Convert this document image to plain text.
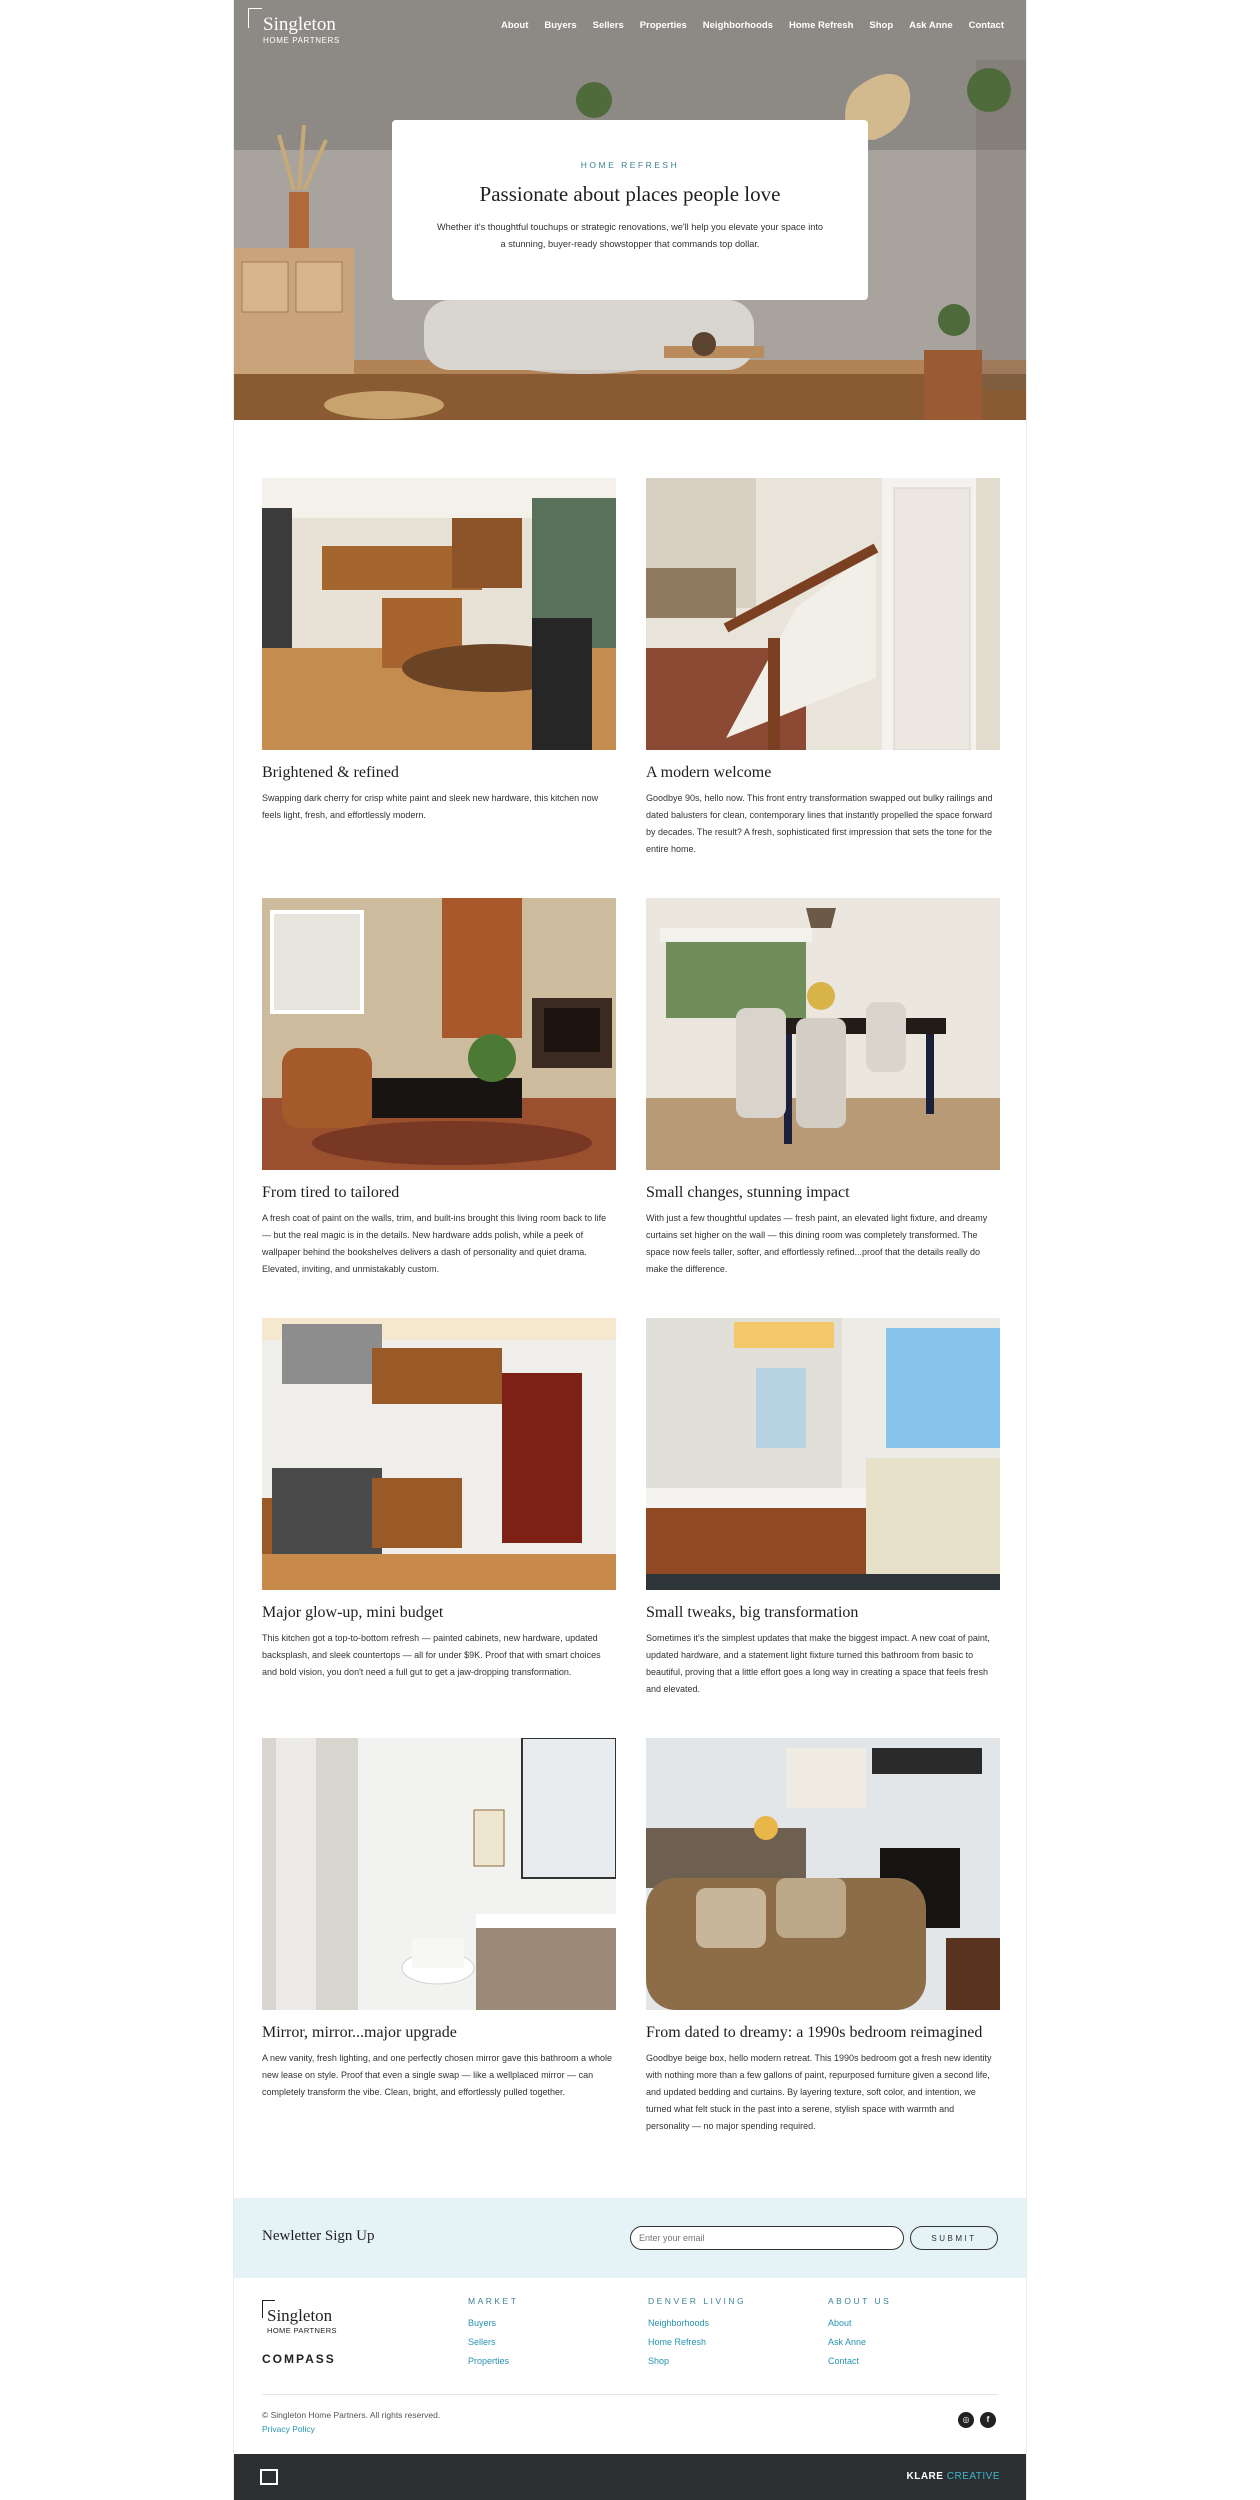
Singleton
HOME PARTNERS
About Buyers Sellers Properties Neighborhoods Home Refresh Shop Ask Anne Contact
HOME REFRESH
Passionate about places people love
Whether it's thoughtful touchups or strategic renovations, we'll help you elevate your space into a stunning, buyer-ready showstopper that commands top dollar.
Brightened & refined
Swapping dark cherry for crisp white paint and sleek new hardware, this kitchen now feels light, fresh, and effortlessly modern.
A modern welcome
Goodbye 90s, hello now. This front entry transformation swapped out bulky railings and dated balusters for clean, contemporary lines that instantly propelled the space forward by decades. The result? A fresh, sophisticated first impression that sets the tone for the entire home.
From tired to tailored
A fresh coat of paint on the walls, trim, and built-ins brought this living room back to life — but the real magic is in the details. New hardware adds polish, while a peek of wallpaper behind the bookshelves delivers a dash of personality and quiet drama. Elevated, inviting, and unmistakably custom.
Small changes, stunning impact
With just a few thoughtful updates — fresh paint, an elevated light fixture, and dreamy curtains set higher on the wall — this dining room was completely transformed. The space now feels taller, softer, and effortlessly refined...proof that the details really do make the difference.
Major glow-up, mini budget
This kitchen got a top-to-bottom refresh — painted cabinets, new hardware, updated backsplash, and sleek countertops — all for under $9K. Proof that with smart choices and bold vision, you don't need a full gut to get a jaw-dropping transformation.
Small tweaks, big transformation
Sometimes it's the simplest updates that make the biggest impact. A new coat of paint, updated hardware, and a statement light fixture turned this bathroom from basic to beautiful, proving that a little effort goes a long way in creating a space that feels fresh and elevated.
Mirror, mirror...major upgrade
A new vanity, fresh lighting, and one perfectly chosen mirror gave this bathroom a whole new lease on style. Proof that even a single swap — like a wellplaced mirror — can completely transform the vibe. Clean, bright, and effortlessly pulled together.
From dated to dreamy: a 1990s bedroom reimagined
Goodbye beige box, hello modern retreat. This 1990s bedroom got a fresh new identity with nothing more than a few gallons of paint, repurposed furniture given a second life, and updated bedding and curtains. By layering texture, soft color, and intention, we turned what felt stuck in the past into a serene, stylish space with warmth and personality — no major spending required.
Newletter Sign Up
Enter your email	SUBMIT
Singleton
HOME PARTNERS
COMPASS
MARKET
Buyers
Sellers
Properties
DENVER LIVING
Neighborhoods
Home Refresh
Shop
ABOUT US
About
Ask Anne
Contact
© Singleton Home Partners. All rights reserved.
Privacy Policy
◎	f
KLARE CREATIVE
